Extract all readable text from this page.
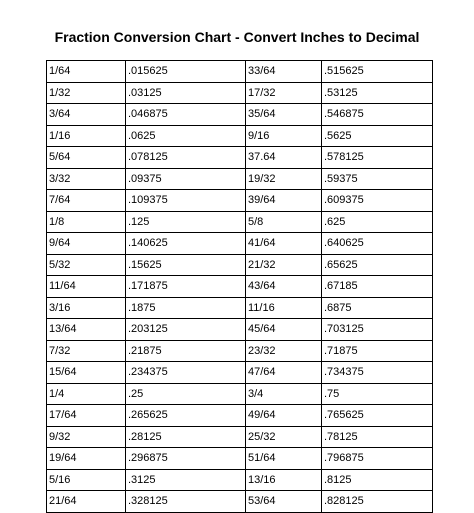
Fraction Conversion Chart - Convert Inches to Decimal
1/64	.015625	33/64	.515625
1/32	.03125	17/32	.53125
3/64	.046875	35/64	.546875
1/16	.0625	9/16	.5625
5/64	.078125	37.64	.578125
3/32	.09375	19/32	.59375
7/64	.109375	39/64	.609375
1/8	.125	5/8	.625
9/64	.140625	41/64	.640625
5/32	.15625	21/32	.65625
11/64	.171875	43/64	.67185
3/16	.1875	11/16	.6875
13/64	.203125	45/64	.703125
7/32	.21875	23/32	.71875
15/64	.234375	47/64	.734375
1/4	.25	3/4	.75
17/64	.265625	49/64	.765625
9/32	.28125	25/32	.78125
19/64	.296875	51/64	.796875
5/16	.3125	13/16	.8125
21/64	.328125	53/64	.828125
